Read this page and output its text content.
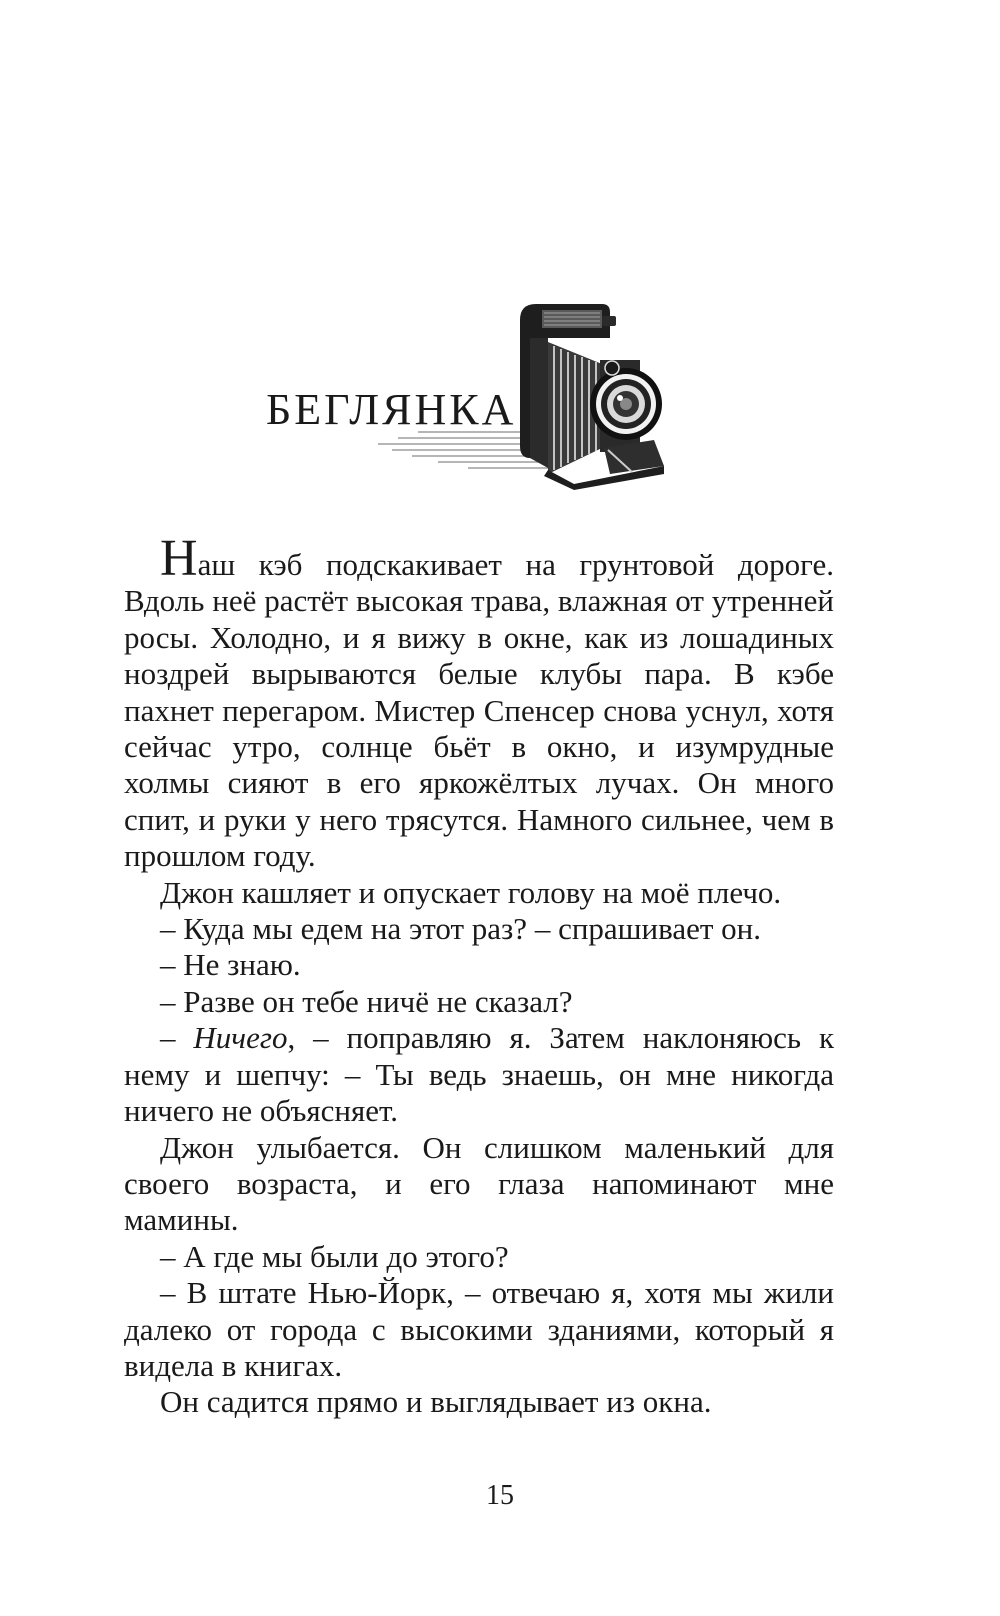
БЕГЛЯНКА

Наш кэб подскакивает на грунтовой дороге. Вдоль неё растёт высокая трава, влажная от утренней росы. Холодно, и я вижу в окне, как из лошадиных ноздрей вырываются белые клубы пара. В кэбе пахнет перегаром. Мистер Спенсер снова уснул, хотя сейчас утро, солнце бьёт в окно, и изумрудные холмы сияют в его яркожёлтых лучах. Он много спит, и руки у него трясутся. Намного сильнее, чем в прошлом году.

Джон кашляет и опускает голову на моё плечо.

– Куда мы едем на этот раз? – спрашивает он.

– Не знаю.

– Разве он тебе ничё не сказал?

– Ничего, – поправляю я. Затем наклоняюсь к нему и шепчу: – Ты ведь знаешь, он мне никогда ничего не объясняет.

Джон улыбается. Он слишком маленький для своего возраста, и его глаза напоминают мне мамины.

– А где мы были до этого?

– В штате Нью-Йорк, – отвечаю я, хотя мы жили далеко от города с высокими зданиями, который я видела в книгах.

Он садится прямо и выглядывает из окна.

15
